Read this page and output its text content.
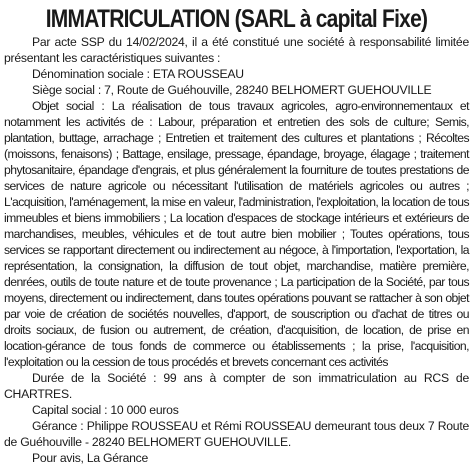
IMMATRICULATION (SARL à capital Fixe)

Par acte SSP du 14/02/2024, il a été constitué une société à responsabilité limitée présentant les caractéristiques suivantes :

Dénomination sociale : ETA ROUSSEAU

Siège social : 7, Route de Guéhouville, 28240 BELHOMERT GUEHOUVILLE

Objet social : La réalisation de tous travaux agricoles, agro-environnementaux et notamment les activités de : Labour, préparation et entretien des sols de culture; Semis, plantation, buttage, arrachage ; Entretien et traitement des cultures et plantations ; Récoltes (moissons, fenaisons) ; Battage, ensilage, pressage, épandage, broyage, élagage ; traitement phytosanitaire, épandage d'engrais, et plus généralement la fourniture de toutes prestations de services de nature agricole ou nécessitant l'utilisation de matériels agricoles ou autres ; L'acquisition, l'aménagement, la mise en valeur, l'administration, l'exploitation, la location de tous immeubles et biens immobiliers ; La location d'espaces de stockage intérieurs et extérieurs de marchandises, meubles, véhicules et de tout autre bien mobilier ; Toutes opérations, tous services se rapportant directement ou indirectement au négoce, à l'importation, l'exportation, la représentation, la consignation, la diffusion de tout objet, marchandise, matière première, denrées, outils de toute nature et de toute provenance ; La participation de la Société, par tous moyens, directement ou indirectement, dans toutes opérations pouvant se rattacher à son objet par voie de création de sociétés nouvelles, d'apport, de souscription ou d'achat de titres ou droits sociaux, de fusion ou autrement, de création, d'acquisition, de location, de prise en location-gérance de tous fonds de commerce ou établissements ; la prise, l'acquisition, l'exploitation ou la cession de tous procédés et brevets concernant ces activités

Durée de la Société : 99 ans à compter de son immatriculation au RCS de CHARTRES.

Capital social : 10 000 euros

Gérance : Philippe ROUSSEAU et Rémi ROUSSEAU demeurant tous deux 7 Route de Guéhouville - 28240 BELHOMERT GUEHOUVILLE.

Pour avis, La Gérance
